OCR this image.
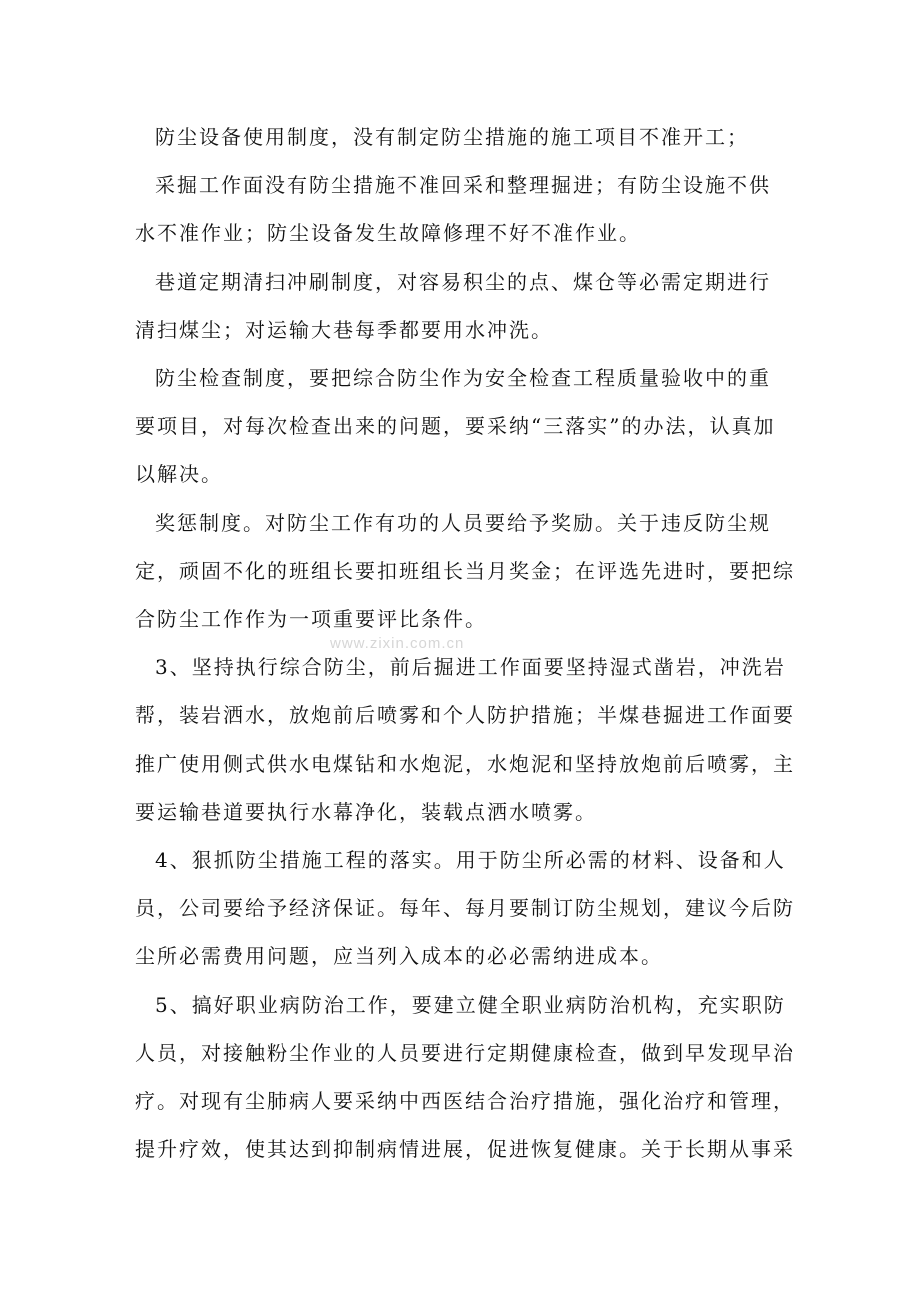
防尘设备使用制度，没有制定防尘措施的施工项目不准开工；
采掘工作面没有防尘措施不准回采和整理掘进；有防尘设施不供
水不准作业；防尘设备发生故障修理不好不准作业。
巷道定期清扫冲刷制度，对容易积尘的点、煤仓等必需定期进行
清扫煤尘；对运输大巷每季都要用水冲洗。
防尘检查制度，要把综合防尘作为安全检查工程质量验收中的重
要项目，对每次检查出来的问题，要采纳“三落实”的办法，认真加
以解决。
奖惩制度。对防尘工作有功的人员要给予奖励。关于违反防尘规
定，顽固不化的班组长要扣班组长当月奖金；在评选先进时，要把综
合防尘工作作为一项重要评比条件。
3、坚持执行综合防尘，前后掘进工作面要坚持湿式凿岩，冲洗岩
帮，装岩洒水，放炮前后喷雾和个人防护措施；半煤巷掘进工作面要
推广使用侧式供水电煤钻和水炮泥，水炮泥和坚持放炮前后喷雾，主
要运输巷道要执行水幕净化，装载点洒水喷雾。
4、狠抓防尘措施工程的落实。用于防尘所必需的材料、设备和人
员，公司要给予经济保证。每年、每月要制订防尘规划，建议今后防
尘所必需费用问题，应当列入成本的必必需纳进成本。
5、搞好职业病防治工作，要建立健全职业病防治机构，充实职防
人员，对接触粉尘作业的人员要进行定期健康检查，做到早发现早治
疗。对现有尘肺病人要采纳中西医结合治疗措施，强化治疗和管理，
提升疗效，使其达到抑制病情进展，促进恢复健康。关于长期从事采
www.zixin.com.cn
